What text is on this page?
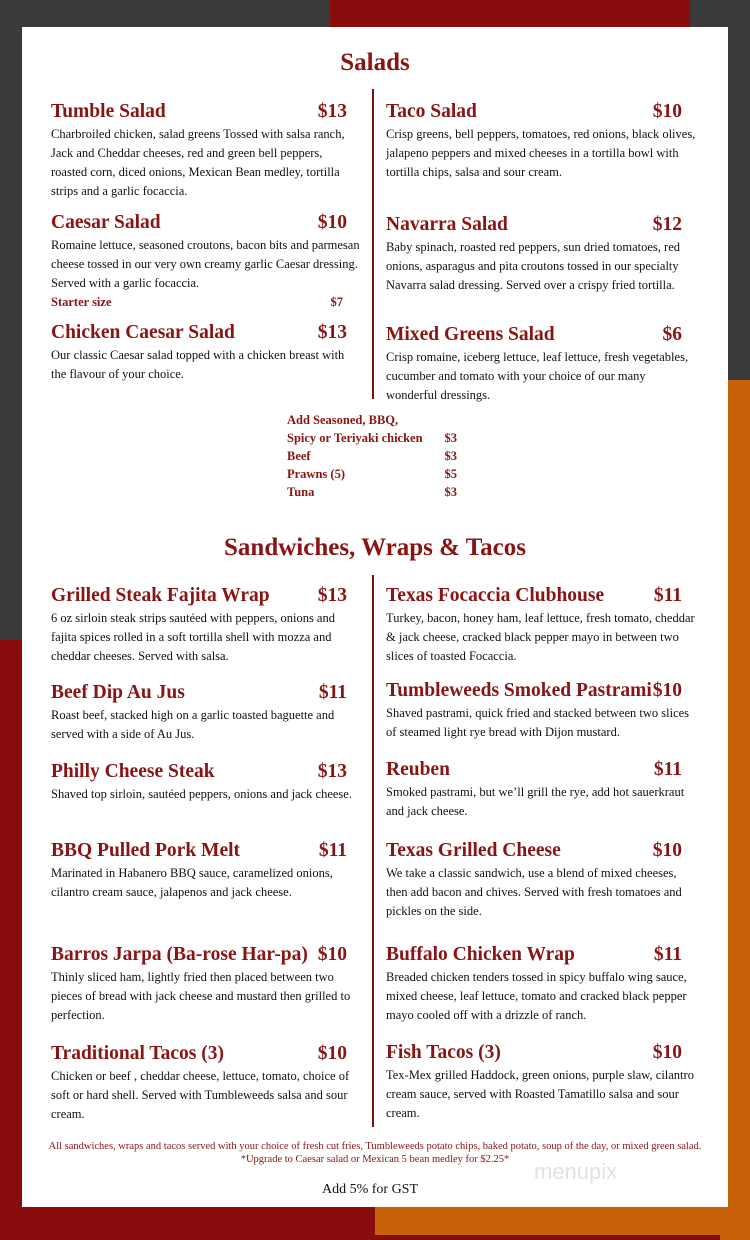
Salads
Tumble Salad	$13
Charbroiled chicken, salad greens Tossed with salsa ranch, Jack and Cheddar cheeses, red and green bell peppers, roasted corn, diced onions, Mexican Bean medley, tortilla strips and a garlic focaccia.
Caesar Salad	$10
Romaine lettuce, seasoned croutons, bacon bits and parmesan cheese tossed in our very own creamy garlic Caesar dressing. Served with a garlic focaccia.
Starter size	$7
Chicken Caesar Salad	$13
Our classic Caesar salad topped with a chicken breast with the flavour of your choice.
Taco Salad	$10
Crisp greens, bell peppers, tomatoes, red onions, black olives, jalapeno peppers and mixed cheeses in a tortilla bowl with tortilla chips, salsa and sour cream.
Navarra Salad	$12
Baby spinach, roasted red peppers, sun dried tomatoes, red onions, asparagus and pita croutons tossed in our specialty Navarra salad dressing. Served over a crispy fried tortilla.
Mixed Greens Salad	$6
Crisp romaine, iceberg lettuce, leaf lettuce, fresh vegetables, cucumber and tomato with your choice of our many wonderful dressings.
Add Seasoned, BBQ,
Spicy or Teriyaki chicken $3
Beef	$3
Prawns (5)	$5
Tuna	$3
Sandwiches, Wraps & Tacos
Grilled Steak Fajita Wrap $13
6 oz sirloin steak strips sautéed with peppers, onions and fajita spices rolled in a soft tortilla shell with mozza and cheddar cheeses. Served with salsa.
Beef Dip Au Jus	$11
Roast beef, stacked high on a garlic toasted baguette and served with a side of Au Jus.
Philly Cheese Steak	$13
Shaved top sirloin, sautéed peppers, onions and jack cheese.
BBQ Pulled Pork Melt	$11
Marinated in Habanero BBQ sauce, caramelized onions, cilantro cream sauce, jalapenos and jack cheese.
Barros Jarpa (Ba-rose Har-pa) $10
Thinly sliced ham, lightly fried then placed between two pieces of bread with jack cheese and mustard then grilled to perfection.
Traditional Tacos (3)	$10
Chicken or beef , cheddar cheese, lettuce, tomato, choice of soft or hard shell. Served with Tumbleweeds salsa and sour cream.
Texas Focaccia Clubhouse	$11
Turkey, bacon, honey ham, leaf lettuce, fresh tomato, cheddar & jack cheese, cracked black pepper mayo in between two slices of toasted Focaccia.
Tumbleweeds Smoked Pastrami $10
Shaved pastrami, quick fried and stacked between two slices of steamed light rye bread with Dijon mustard.
Reuben	$11
Smoked pastrami, but we’ll grill the rye, add hot sauerkraut and jack cheese.
Texas Grilled Cheese	$10
We take a classic sandwich, use a blend of mixed cheeses, then add bacon and chives. Served with fresh tomatoes and pickles on the side.
Buffalo Chicken Wrap	$11
Breaded chicken tenders tossed in spicy buffalo wing sauce, mixed cheese, leaf lettuce, tomato and cracked black pepper mayo cooled off with a drizzle of ranch.
Fish Tacos (3)	$10
Tex-Mex grilled Haddock, green onions, purple slaw, cilantro cream sauce, served with Roasted Tamatillo salsa and sour cream.
All sandwiches, wraps and tacos served with your choice of fresh cut fries, Tumbleweeds potato chips, baked potato, soup of the day, or mixed green salad.
*Upgrade to Caesar salad or Mexican 5 bean medley for $2.25*	menupix
Add 5% for GST
